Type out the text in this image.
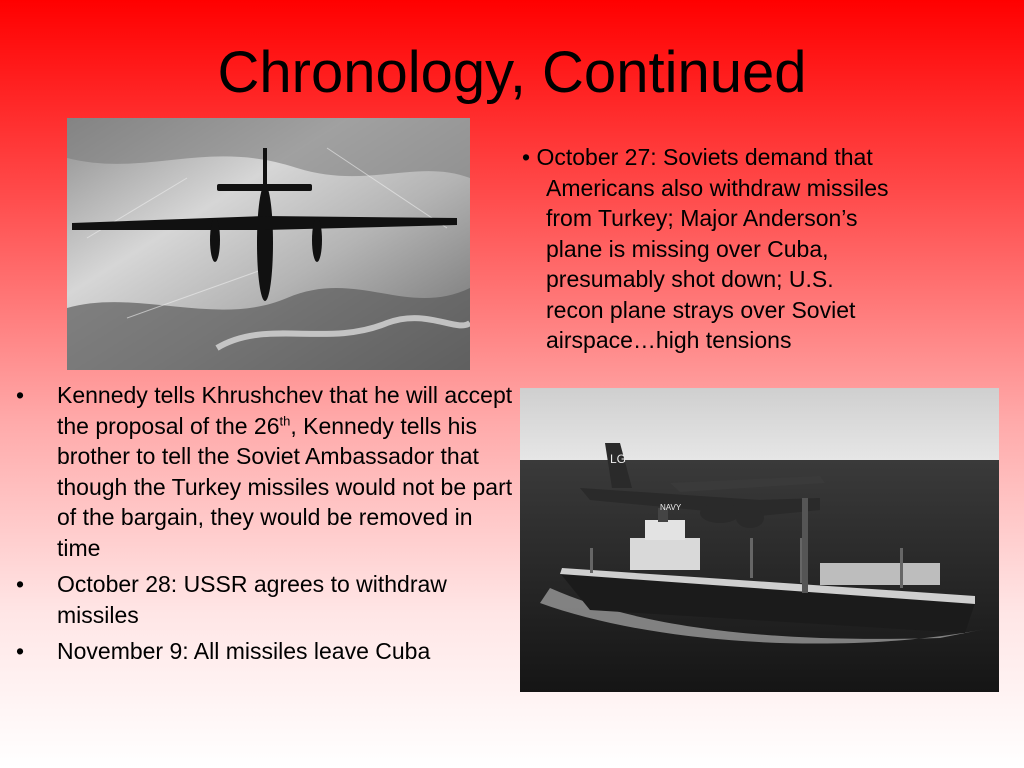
Chronology, Continued
• October 27: Soviets demand that
Americans also withdraw missiles
from Turkey; Major Anderson’s
plane is missing over Cuba,
presumably shot down; U.S.
recon plane strays over Soviet
airspace…high tensions
• Kennedy tells Khrushchev that he will accept the proposal of the 26th, Kennedy tells his brother to tell the Soviet Ambassador that though the Turkey missiles would not be part of the bargain, they would be removed in time
• October 28: USSR agrees to withdraw missiles
• November 9: All missiles leave Cuba
LG
NAVY
